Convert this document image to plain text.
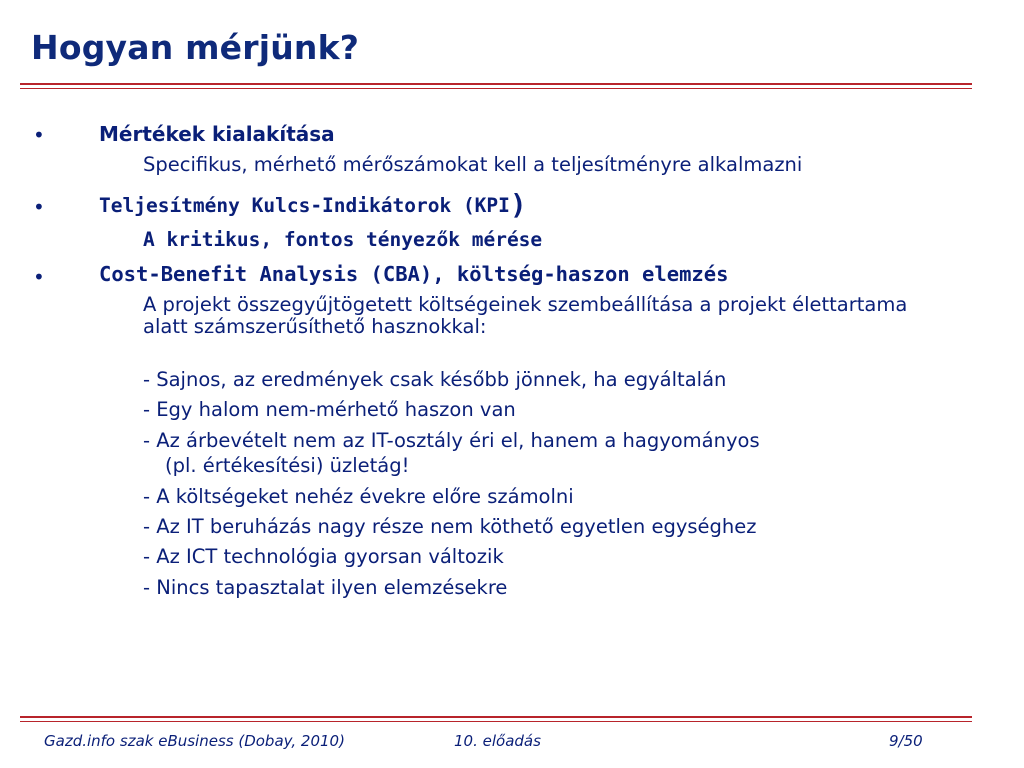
Hogyan mérjünk?
•	Mértékek kialakítása
Specifikus, mérhető mérőszámokat kell a teljesítményre alkalmazni
•	Teljesítmény Kulcs-Indikátorok (KPI)
A kritikus, fontos tényezők mérése
•	Cost-Benefit Analysis (CBA), költség-haszon elemzés
A projekt összegyűjtögetett költségeinek szembeállítása a projekt élettartama alatt számszerűsíthető hasznokkal:
- Sajnos, az eredmények csak később jönnek, ha egyáltalán
- Egy halom nem-mérhető haszon van
- Az árbevételt nem az IT-osztály éri el, hanem a hagyományos
(pl. értékesítési) üzletág!
- A költségeket nehéz évekre előre számolni
- Az IT beruházás nagy része nem köthető egyetlen egységhez
- Az ICT technológia gyorsan változik
- Nincs tapasztalat ilyen elemzésekre
Gazd.info szak eBusiness (Dobay, 2010)	10. előadás	9/50
